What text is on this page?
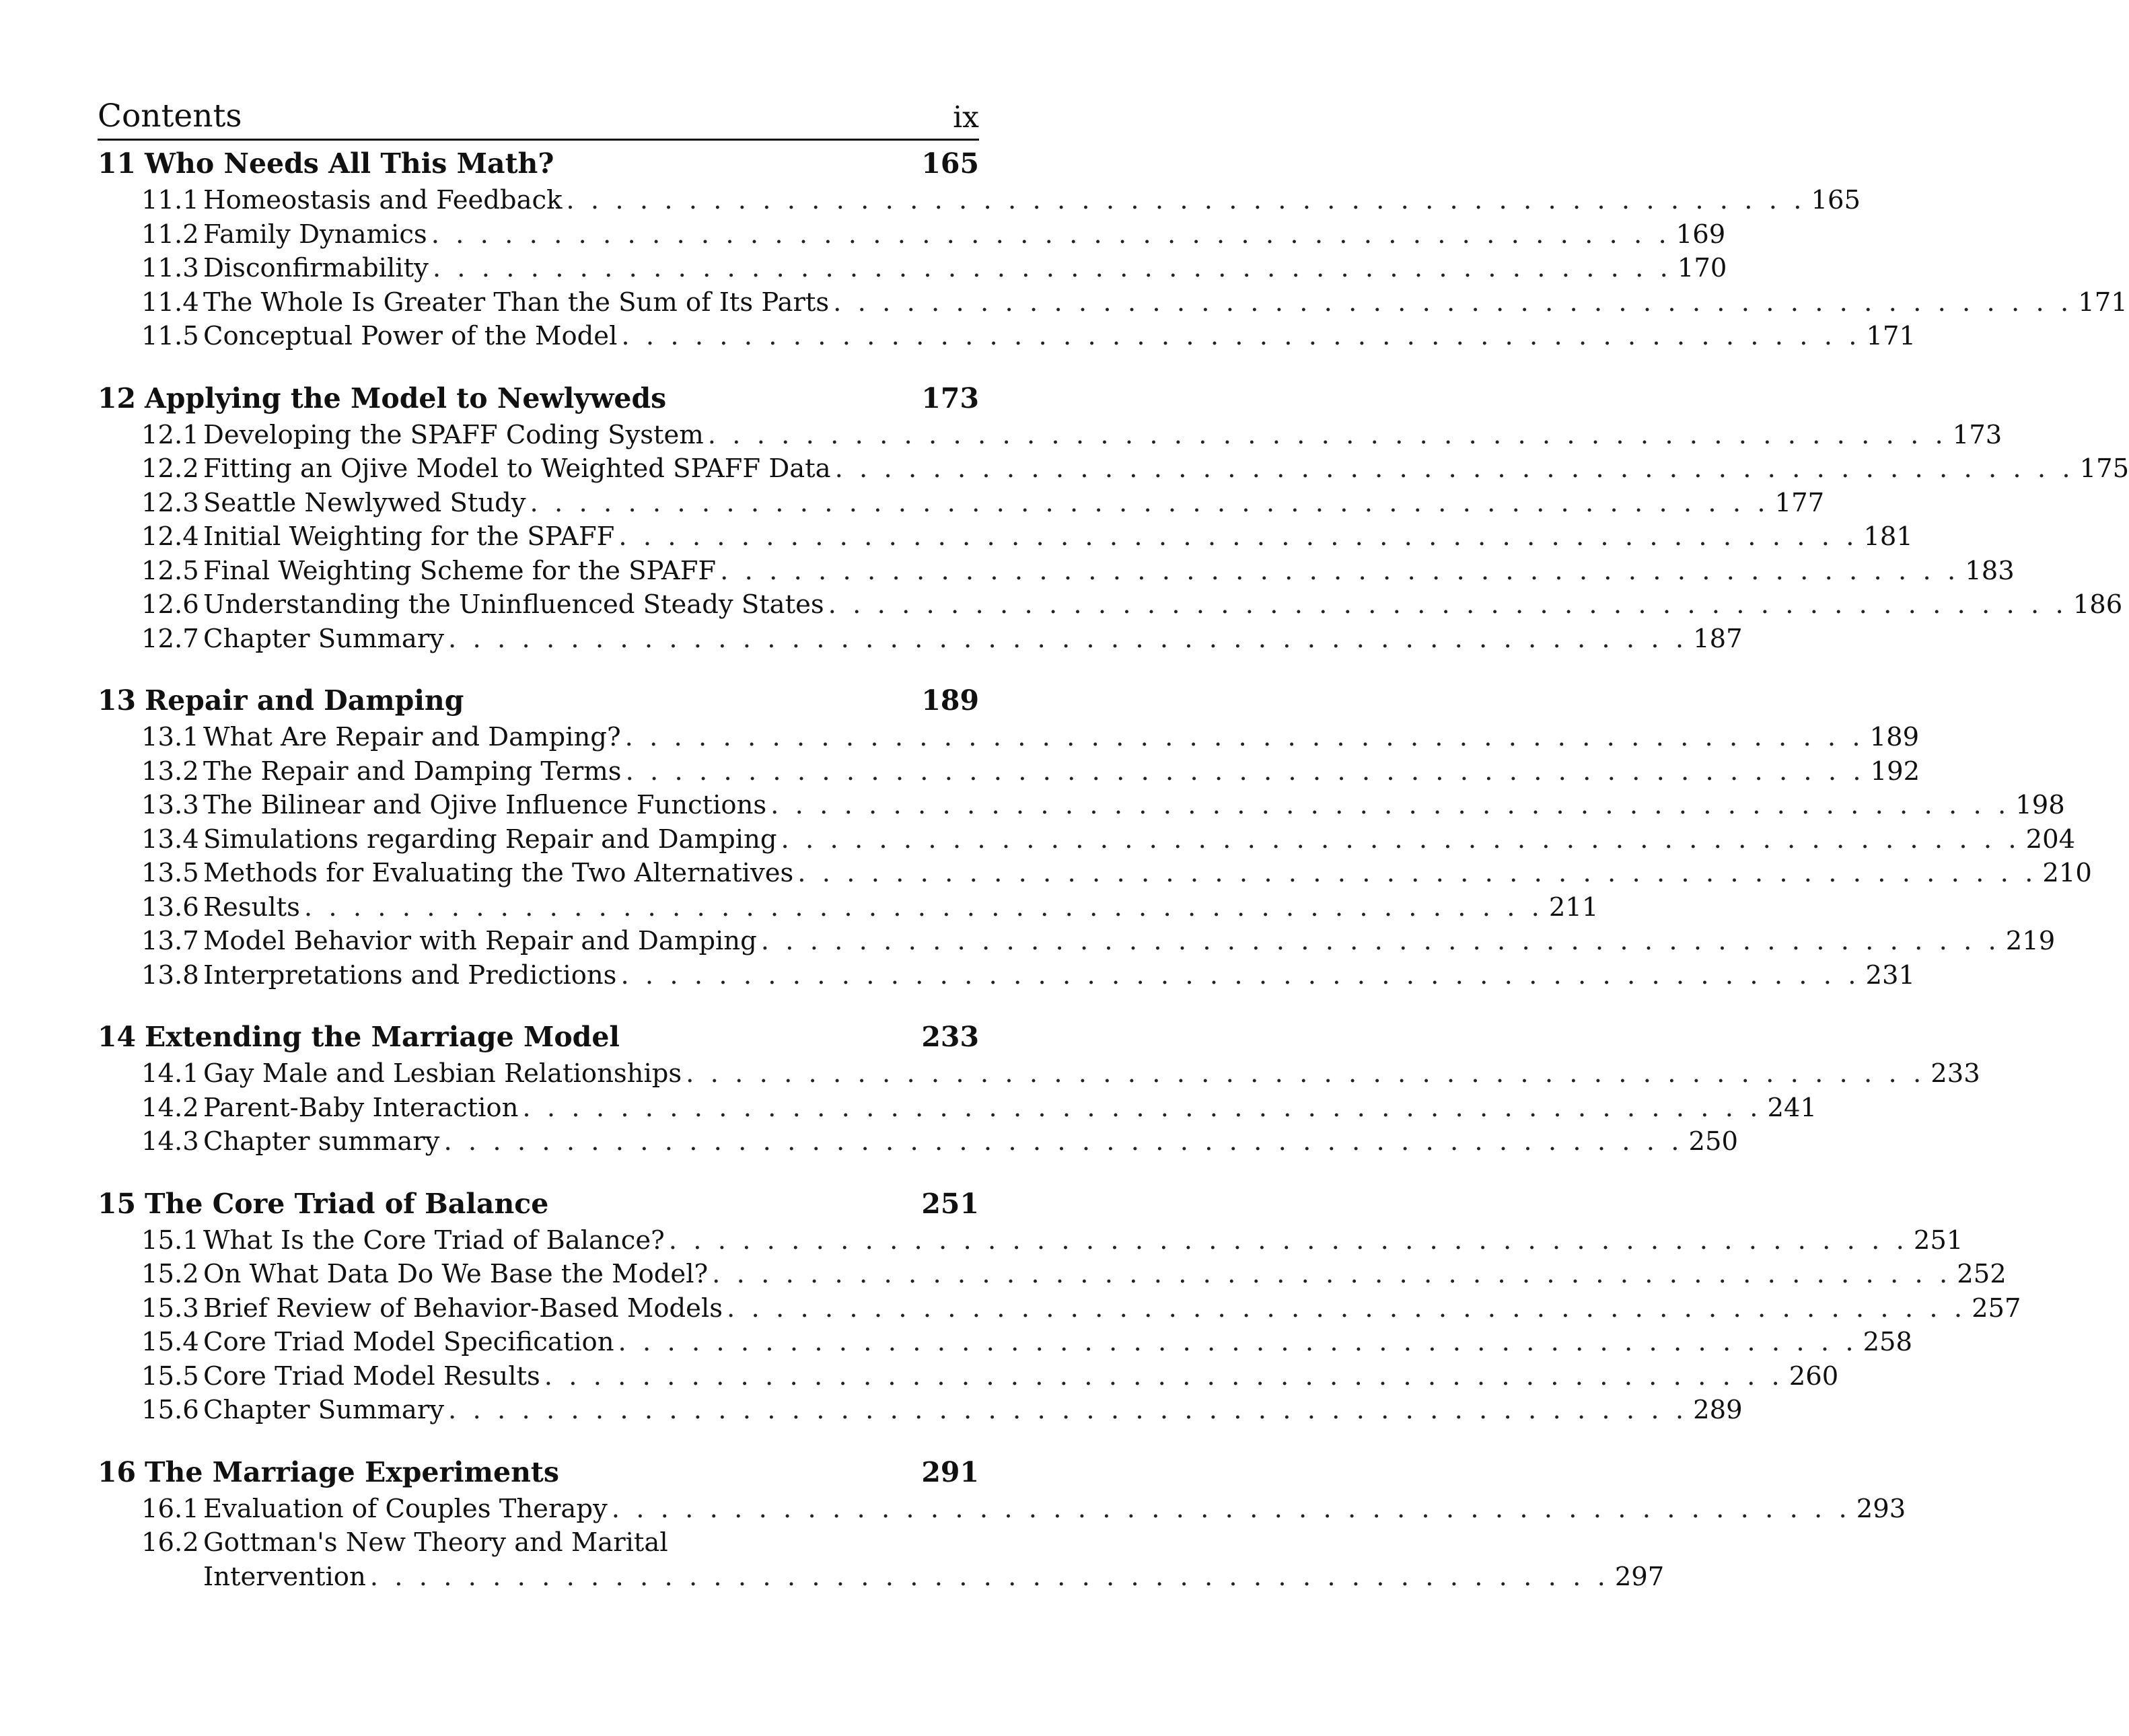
Contents	ix
11 Who Needs All This Math?	165
11.1 Homeostasis and Feedback . . . . . . . . . . . . . . . . . . . . . . . . . . . . . . . . . . . . . . . . . . . . . . . . . . . 165
11.2 Family Dynamics . . . . . . . . . . . . . . . . . . . . . . . . . . . . . . . . . . . . . . . . . . . . . . . . . . . 169
11.3 Disconfirmability . . . . . . . . . . . . . . . . . . . . . . . . . . . . . . . . . . . . . . . . . . . . . . . . . . . 170
11.4 The Whole Is Greater Than the Sum of Its Parts . . . . . . . . . . . . . . . . . . . . . . . . . . . . . . . . . . . . . . . . . . . . . . . . . . . 171
11.5 Conceptual Power of the Model . . . . . . . . . . . . . . . . . . . . . . . . . . . . . . . . . . . . . . . . . . . . . . . . . . . 171
12 Applying the Model to Newlyweds	173
12.1 Developing the SPAFF Coding System . . . . . . . . . . . . . . . . . . . . . . . . . . . . . . . . . . . . . . . . . . . . . . . . . . . 173
12.2 Fitting an Ojive Model to Weighted SPAFF Data . . . . . . . . . . . . . . . . . . . . . . . . . . . . . . . . . . . . . . . . . . . . . . . . . . . 175
12.3 Seattle Newlywed Study . . . . . . . . . . . . . . . . . . . . . . . . . . . . . . . . . . . . . . . . . . . . . . . . . . . 177
12.4 Initial Weighting for the SPAFF . . . . . . . . . . . . . . . . . . . . . . . . . . . . . . . . . . . . . . . . . . . . . . . . . . . 181
12.5 Final Weighting Scheme for the SPAFF . . . . . . . . . . . . . . . . . . . . . . . . . . . . . . . . . . . . . . . . . . . . . . . . . . . 183
12.6 Understanding the Uninfluenced Steady States . . . . . . . . . . . . . . . . . . . . . . . . . . . . . . . . . . . . . . . . . . . . . . . . . . . 186
12.7 Chapter Summary . . . . . . . . . . . . . . . . . . . . . . . . . . . . . . . . . . . . . . . . . . . . . . . . . . . 187
13 Repair and Damping	189
13.1 What Are Repair and Damping? . . . . . . . . . . . . . . . . . . . . . . . . . . . . . . . . . . . . . . . . . . . . . . . . . . . 189
13.2 The Repair and Damping Terms . . . . . . . . . . . . . . . . . . . . . . . . . . . . . . . . . . . . . . . . . . . . . . . . . . . 192
13.3 The Bilinear and Ojive Influence Functions . . . . . . . . . . . . . . . . . . . . . . . . . . . . . . . . . . . . . . . . . . . . . . . . . . . 198
13.4 Simulations regarding Repair and Damping . . . . . . . . . . . . . . . . . . . . . . . . . . . . . . . . . . . . . . . . . . . . . . . . . . . 204
13.5 Methods for Evaluating the Two Alternatives . . . . . . . . . . . . . . . . . . . . . . . . . . . . . . . . . . . . . . . . . . . . . . . . . . . 210
13.6 Results . . . . . . . . . . . . . . . . . . . . . . . . . . . . . . . . . . . . . . . . . . . . . . . . . . . 211
13.7 Model Behavior with Repair and Damping . . . . . . . . . . . . . . . . . . . . . . . . . . . . . . . . . . . . . . . . . . . . . . . . . . . 219
13.8 Interpretations and Predictions . . . . . . . . . . . . . . . . . . . . . . . . . . . . . . . . . . . . . . . . . . . . . . . . . . . 231
14 Extending the Marriage Model	233
14.1 Gay Male and Lesbian Relationships . . . . . . . . . . . . . . . . . . . . . . . . . . . . . . . . . . . . . . . . . . . . . . . . . . . 233
14.2 Parent-Baby Interaction . . . . . . . . . . . . . . . . . . . . . . . . . . . . . . . . . . . . . . . . . . . . . . . . . . . 241
14.3 Chapter summary . . . . . . . . . . . . . . . . . . . . . . . . . . . . . . . . . . . . . . . . . . . . . . . . . . . 250
15 The Core Triad of Balance	251
15.1 What Is the Core Triad of Balance? . . . . . . . . . . . . . . . . . . . . . . . . . . . . . . . . . . . . . . . . . . . . . . . . . . . 251
15.2 On What Data Do We Base the Model? . . . . . . . . . . . . . . . . . . . . . . . . . . . . . . . . . . . . . . . . . . . . . . . . . . . 252
15.3 Brief Review of Behavior-Based Models . . . . . . . . . . . . . . . . . . . . . . . . . . . . . . . . . . . . . . . . . . . . . . . . . . . 257
15.4 Core Triad Model Specification . . . . . . . . . . . . . . . . . . . . . . . . . . . . . . . . . . . . . . . . . . . . . . . . . . . 258
15.5 Core Triad Model Results . . . . . . . . . . . . . . . . . . . . . . . . . . . . . . . . . . . . . . . . . . . . . . . . . . . 260
15.6 Chapter Summary . . . . . . . . . . . . . . . . . . . . . . . . . . . . . . . . . . . . . . . . . . . . . . . . . . . 289
16 The Marriage Experiments	291
16.1 Evaluation of Couples Therapy . . . . . . . . . . . . . . . . . . . . . . . . . . . . . . . . . . . . . . . . . . . . . . . . . . . 293
16.2 Gottman's New Theory and Marital
Intervention . . . . . . . . . . . . . . . . . . . . . . . . . . . . . . . . . . . . . . . . . . . . . . . . . . . 297
